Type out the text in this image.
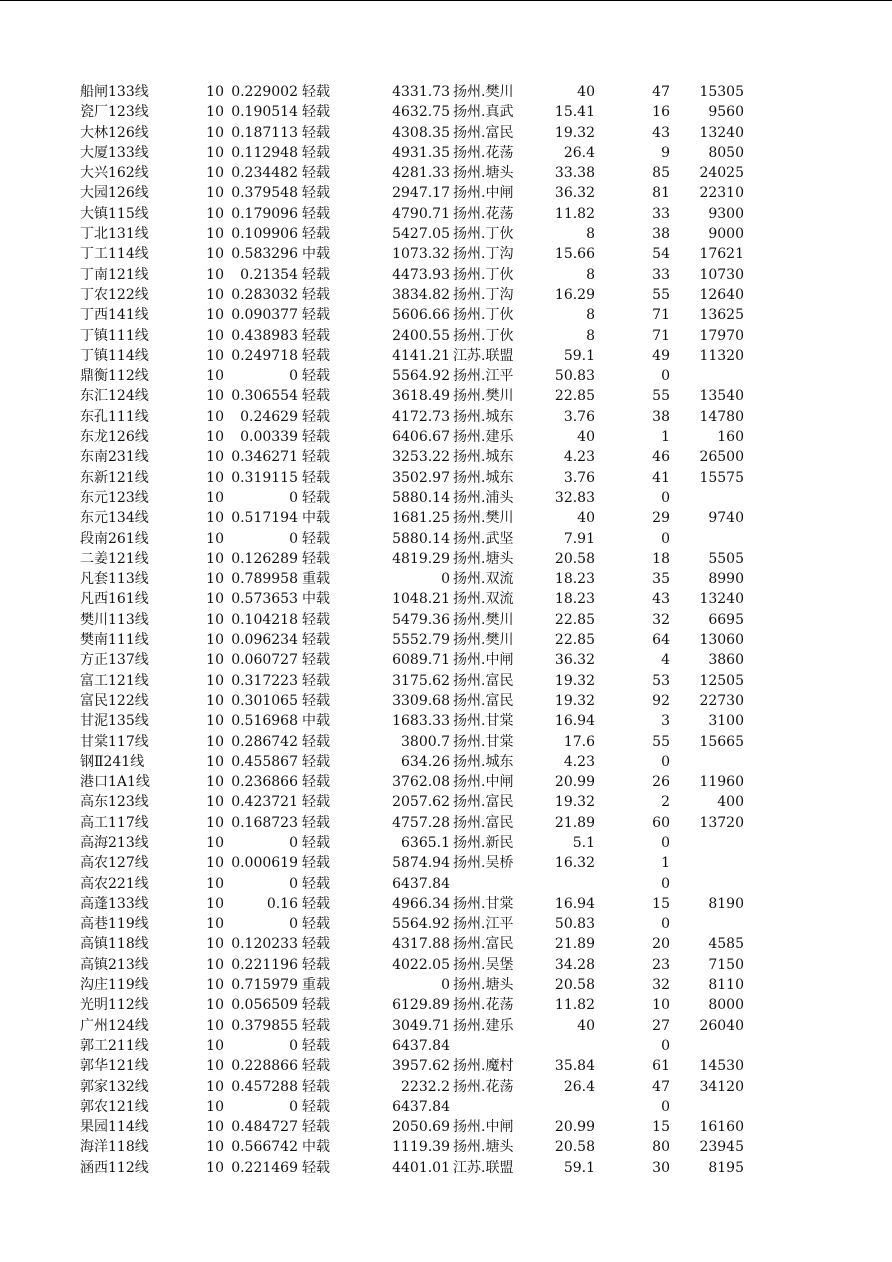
船闸133线	10 0.229002 轻载	4331.73 扬州.樊川	40	47	15305
瓷厂123线	10 0.190514 轻载	4632.75 扬州.真武	15.41	16	9560
大林126线	10 0.187113 轻载	4308.35 扬州.富民	19.32	43	13240
大厦133线	10 0.112948 轻载	4931.35 扬州.花荡	26.4	9	8050
大兴162线	10 0.234482 轻载	4281.33 扬州.塘头	33.38	85	24025
大园126线	10 0.379548 轻载	2947.17 扬州.中闸	36.32	81	22310
大镇115线	10 0.179096 轻载	4790.71 扬州.花荡	11.82	33	9300
丁北131线	10 0.109906 轻载	5427.05 扬州.丁伙	8	38	9000
丁工114线	10 0.583296 中载	1073.32 扬州.丁沟	15.66	54	17621
丁南121线	10	0.21354 轻载	4473.93 扬州.丁伙	8	33	10730
丁农122线	10 0.283032 轻载	3834.82 扬州.丁沟	16.29	55	12640
丁西141线	10 0.090377 轻载	5606.66 扬州.丁伙	8	71	13625
丁镇111线	10 0.438983 轻载	2400.55 扬州.丁伙	8	71	17970
丁镇114线	10 0.249718 轻载	4141.21 江苏.联盟	59.1	49	11320
鼎衡112线	10	0 轻载	5564.92 扬州.江平	50.83	0
东汇124线	10 0.306554 轻载	3618.49 扬州.樊川	22.85	55	13540
东孔111线	10	0.24629 轻载	4172.73 扬州.城东	3.76	38	14780
东龙126线	10	0.00339 轻载	6406.67 扬州.建乐	40	1	160
东南231线	10 0.346271 轻载	3253.22 扬州.城东	4.23	46	26500
东新121线	10 0.319115 轻载	3502.97 扬州.城东	3.76	41	15575
东元123线	10	0 轻载	5880.14 扬州.浦头	32.83	0
东元134线	10 0.517194 中载	1681.25 扬州.樊川	40	29	9740
段南261线	10	0 轻载	5880.14 扬州.武坚	7.91	0
二姜121线	10 0.126289 轻载	4819.29 扬州.塘头	20.58	18	5505
凡套113线	10 0.789958 重载	0 扬州.双流	18.23	35	8990
凡西161线	10 0.573653 中载	1048.21 扬州.双流	18.23	43	13240
樊川113线	10 0.104218 轻载	5479.36 扬州.樊川	22.85	32	6695
樊南111线	10 0.096234 轻载	5552.79 扬州.樊川	22.85	64	13060
方正137线	10 0.060727 轻载	6089.71 扬州.中闸	36.32	4	3860
富工121线	10 0.317223 轻载	3175.62 扬州.富民	19.32	53	12505
富民122线	10 0.301065 轻载	3309.68 扬州.富民	19.32	92	22730
甘泥135线	10 0.516968 中载	1683.33 扬州.甘棠	16.94	3	3100
甘棠117线	10 0.286742 轻载	3800.7 扬州.甘棠	17.6	55	15665
钢Ⅱ241线	10 0.455867 轻载	634.26 扬州.城东	4.23	0
港口1A1线	10 0.236866 轻载	3762.08 扬州.中闸	20.99	26	11960
高东123线	10 0.423721 轻载	2057.62 扬州.富民	19.32	2	400
高工117线	10 0.168723 轻载	4757.28 扬州.富民	21.89	60	13720
高海213线	10	0 轻载	6365.1 扬州.新民	5.1	0
高农127线	10 0.000619 轻载	5874.94 扬州.吴桥	16.32	1
高农221线	10	0 轻载	6437.84	0
高蓬133线	10	0.16 轻载	4966.34 扬州.甘棠	16.94	15	8190
高巷119线	10	0 轻载	5564.92 扬州.江平	50.83	0
高镇118线	10 0.120233 轻载	4317.88 扬州.富民	21.89	20	4585
高镇213线	10 0.221196 轻载	4022.05 扬州.吴堡	34.28	23	7150
沟庄119线	10 0.715979 重载	0 扬州.塘头	20.58	32	8110
光明112线	10 0.056509 轻载	6129.89 扬州.花荡	11.82	10	8000
广州124线	10 0.379855 轻载	3049.71 扬州.建乐	40	27	26040
郭工211线	10	0 轻载	6437.84	0
郭华121线	10 0.228866 轻载	3957.62 扬州.魔村	35.84	61	14530
郭家132线	10 0.457288 轻载	2232.2 扬州.花荡	26.4	47	34120
郭农121线	10	0 轻载	6437.84	0
果园114线	10 0.484727 轻载	2050.69 扬州.中闸	20.99	15	16160
海洋118线	10 0.566742 中载	1119.39 扬州.塘头	20.58	80	23945
涵西112线	10 0.221469 轻载	4401.01 江苏.联盟	59.1	30	8195
